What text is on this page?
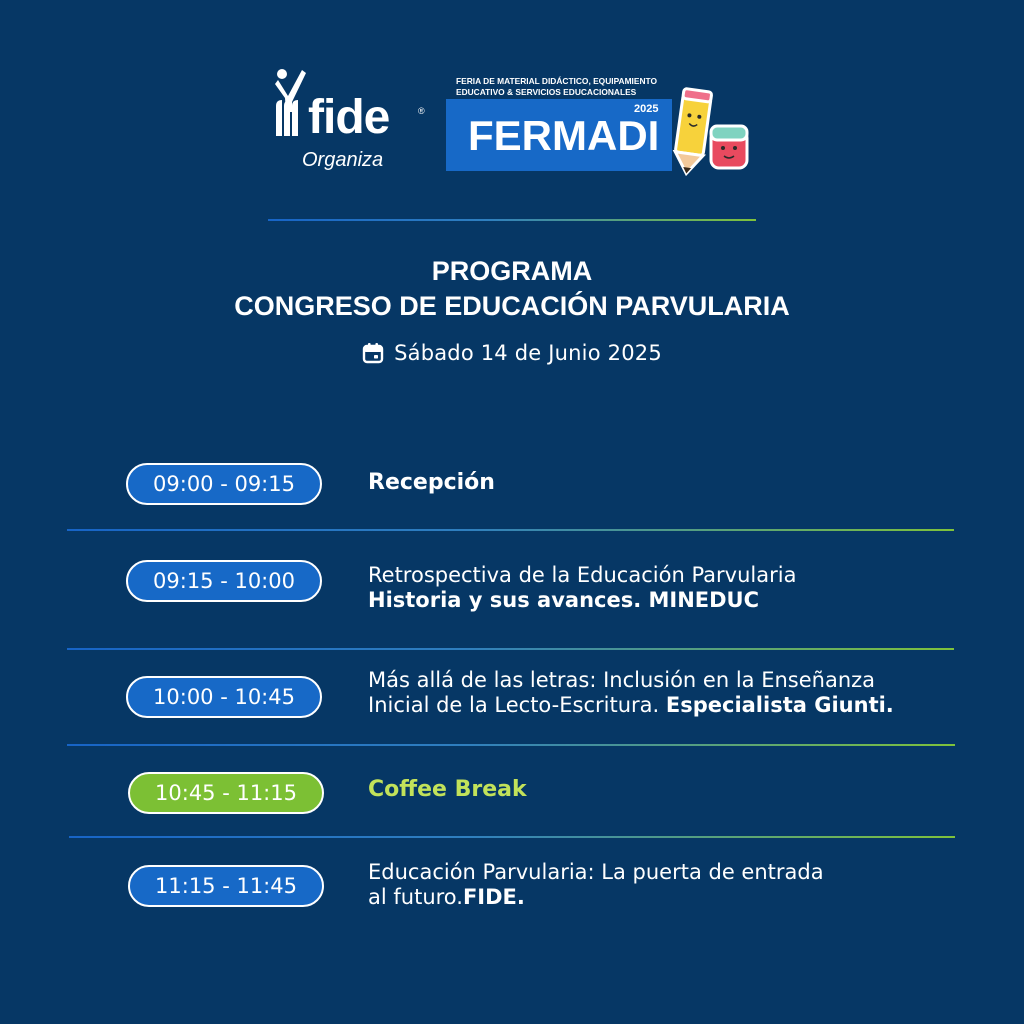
fide	®
Organiza
FERIA DE MATERIAL DIDÁCTICO, EQUIPAMIENTO
EDUCATIVO & SERVICIOS EDUCACIONALES
FERMADI
2025
PROGRAMA
CONGRESO DE EDUCACIÓN PARVULARIA
Sábado 14 de Junio 2025
09:00 - 09:15	Recepción
09:15 - 10:00	Retrospectiva de la Educación Parvularia
Historia y sus avances. MINEDUC
10:00 - 10:45
Más allá de las letras: Inclusión en la Enseñanza
Inicial de la Lecto-Escritura. Especialista Giunti.
10:45 - 11:15	Coffee Break
11:15 - 11:45
Educación Parvularia: La puerta de entrada
al futuro.FIDE.
